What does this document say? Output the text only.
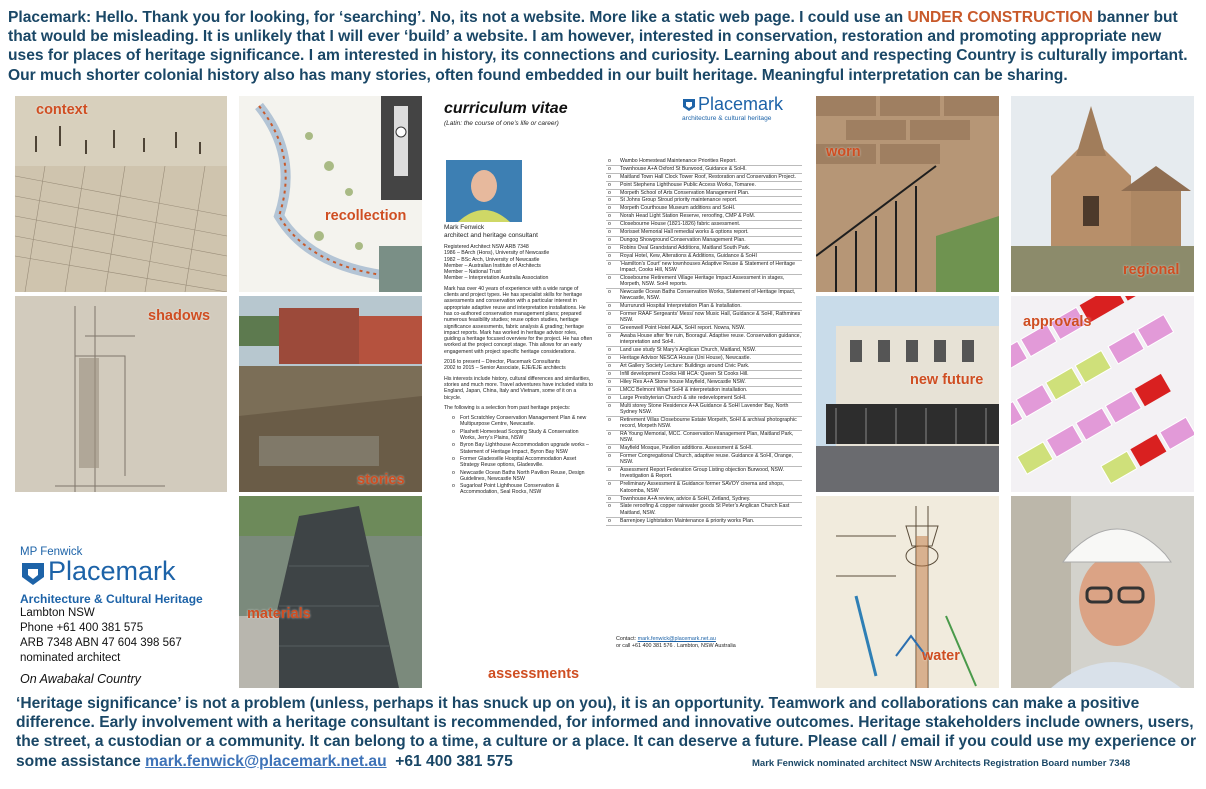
Placemark: Hello. Thank you for looking, for ‘searching’. No, its not a website. More like a static web page. I could use an UNDER CONSTRUCTION banner but that would be misleading. It is unlikely that I will ever ‘build’ a website. I am however, interested in conservation, restoration and promoting appropriate new uses for places of heritage significance. I am interested in history, its connections and curiosity. Learning about and respecting Country is culturally important. Our much shorter colonial history also has many stories, often found embedded in our built heritage. Meaningful interpretation can be sharing.
context
recollection
shadows
stories
materials
MP Fenwick
Placemark
Architecture & Cultural Heritage
Lambton NSW
Phone +61 400 381 575
ARB 7348 ABN 47 604 398 567
nominated architect
On Awabakal Country
curriculum vitae
(Latin: the course of one’s life or career)
Placemark
architecture & cultural heritage

Mark Fenwick
architect and heritage consultant

Registered Architect NSW ARB 7348
1986 – BArch (Hons), University of Newcastle
1982 – BSc Arch, University of Newcastle
Member – Australian Institute of Architects
Member – National Trust
Member – Interpretation Australia Association

Mark has over 40 years of experience with a wide range of clients and project types. He has specialist skills for heritage assessments and conservation with a particular interest in appropriate adaptive reuse and interpretation installations. He has co-authored conservation management plans; prepared numerous feasibility studies; reuse option studies, heritage significance assessments, fabric analysis & grading; heritage impact reports. Mark has worked in heritage advisor roles, guiding a heritage focused overview for the project. He has often worked at the project concept stage. This allows for an early engagement with project specific heritage considerations.

2016 to present – Director, Placemark Consultants
2002 to 2015 – Senior Associate, EJE/EJE architects

His interests include history, cultural differences and similarities, stories and much more. Travel adventures have included visits to England, Japan, China, Italy and Vietnam, some of it on a bicycle.

The following is a selection from past heritage projects:

o Fort Scratchley Conservation Management Plan & new Multipurpose Centre, Newcastle.
o Plashett Homestead Scoping Study & Conservation Works, Jerry’s Plains, NSW
o Byron Bay Lighthouse Accommodation upgrade works – Statement of Heritage Impact, Byron Bay NSW
o Former Gladesville Hospital Accommodation Asset Strategy Reuse options, Gladesville.
o Newcastle Ocean Baths North Pavilion Reuse, Design Guidelines, Newcastle NSW
o Sugarloaf Point Lighthouse Conservation & Accommodation, Seal Rocks, NSW
o Wambo Homestead Maintenance Priorities Report.
o Townhouse A+A Oxford St Burwood, Guidance & SoHI.
o Maitland Town Hall Clock Tower Roof, Restoration and Conservation Project.
o Point Stephens Lighthouse Public Access Works, Tomaree.
o Morpeth School of Arts Conservation Management Plan.
o St Johns Group Stroud priority maintenance report.
o Morpeth Courthouse Museum additions and SoHI.
o Norah Head Light Station Reserve, reroofing, CMP & PoM.
o Closebourne House (1821-1826) fabric assessment.
o Morisset Memorial Hall remedial works & options report.
o Dungog Showground Conservation Management Plan.
o Robins Oval Grandstand Additions, Maitland South Park.
o Royal Hotel, Kew, Alterations & Additions, Guidance & SoHI
o ‘Hamilton’s Court’ new townhouses Adaptive Reuse & Statement of Heritage Impact, Cooks Hill, NSW
o Closebourne Retirement Village Heritage Impact Assessment in stages, Morpeth, NSW. SoHI reports.
o Newcastle Ocean Baths Conservation Works, Statement of Heritage Impact, Newcastle, NSW.
o Murrurundi Hospital Interpretation Plan & Installation.
o Former RAAF Sergeants’ Mess/ now Music Hall, Guidance & SoHI, Rathmines NSW.
o Greenwell Point Hotel A&A, SoHI report. Nowra, NSW.
o Awaba House after fire ruin, Booragul. Adaptive reuse. Conservation guidance, interpretation and SoHI.
o Land use study St Mary’s Anglican Church, Maitland, NSW.
o Heritage Advisor NESCA House (Uni House), Newcastle.
o Art Gallery Society Lecture: Buildings around Civic Park.
o Infill development Cooks Hill HCA: Queen St Cooks Hill.
o Hiley Res A+A Stone house Mayfield, Newcastle NSW.
o LMCC Belmont Wharf SoHI & interpretation installation.
o Large Presbyterian Church & site redevelopment SoHI.
o Multi storey Stone Residence A+A Guidance & SoHI Lavender Bay, North Sydney NSW.
o Retirement Villas Closebourne Estate Morpeth, SoHI & archival photographic record, Morpeth NSW.
o RA Young Memorial, MCC. Conservation Management Plan, Maitland Park, NSW.
o Mayfield Mosque, Pavilion additions. Assessment & SoHI.
o Former Congregational Church, adaptive reuse. Guidance & SoHI, Orange, NSW.
o Assessment Report Federation Group Listing objection Burwood, NSW. Investigation & Report.
o Preliminary Assessment & Guidance former SAVOY cinema and shops, Katoomba, NSW
o Townhouse A+A review, advice & SoHI, Zetland, Sydney.
o Slate reroofing & copper rainwater goods St Peter’s Anglican Church East Maitland, NSW.
o Barrenjoey Lightstation Maintenance & priority works Plan.
Contact: mark.fenwick@placemark.net.au
or call +61 400 381 576 . Lambton, NSW Australia
assessments
worn
regional
new future
approvals
water
‘Heritage significance’ is not a problem (unless, perhaps it has snuck up on you), it is an opportunity. Teamwork and collaborations can make a positive difference. Early involvement with a heritage consultant is recommended, for informed and innovative outcomes. Heritage stakeholders include owners, users, the street, a custodian or a community. It can belong to a time, a culture or a place. It can deserve a future. Please call / email if you could use my experience or some assistance mark.fenwick@placemark.net.au +61 400 381 575	Mark Fenwick nominated architect NSW Architects Registration Board number 7348
